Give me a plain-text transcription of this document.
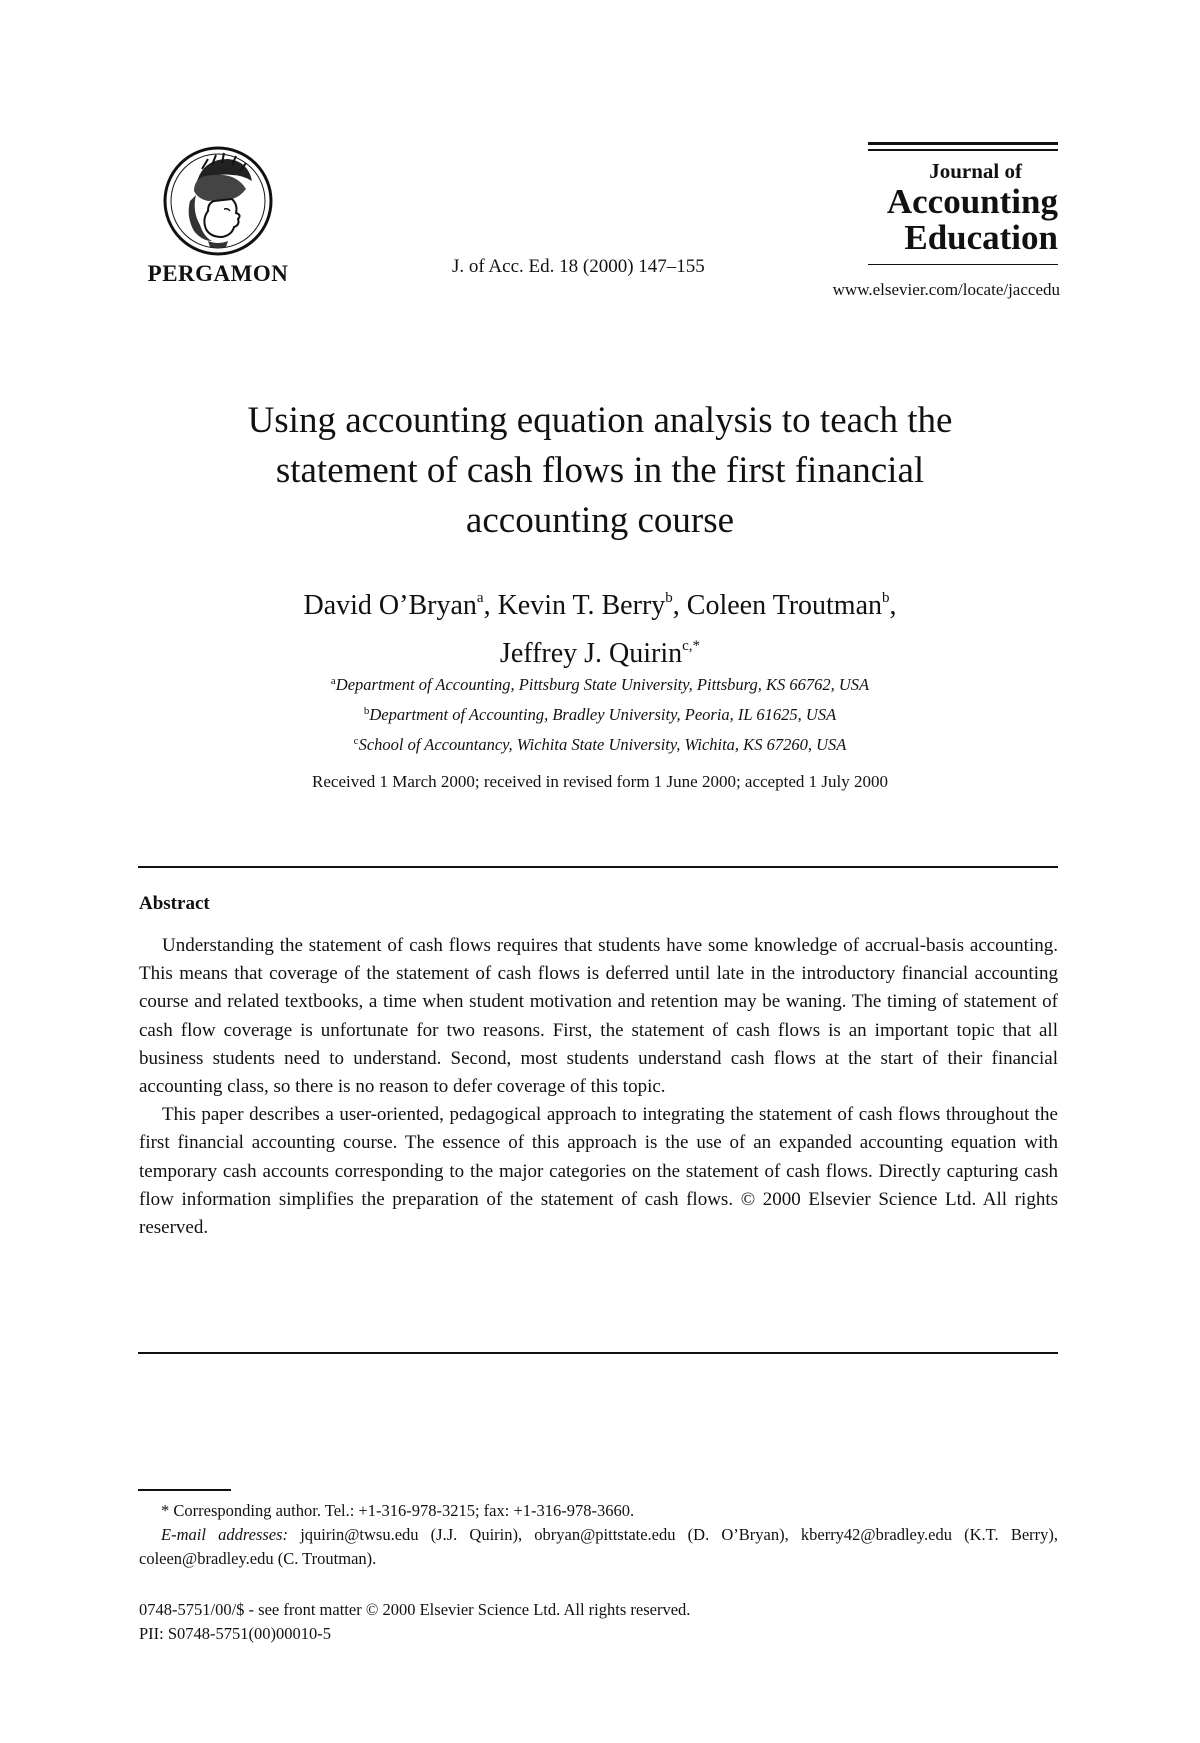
PERGAMON	J. of Acc. Ed. 18 (2000) 147–155
Journal of
Accounting
Education
www.elsevier.com/locate/jaccedu
Using accounting equation analysis to teach the
statement of cash flows in the first financial
accounting course
David O’Bryan$^a$, Kevin T. Berry$^b$, Coleen Troutman$^b$,
Jeffrey J. Quirin$^{c,*}$
$^a$Department of Accounting, Pittsburg State University, Pittsburg, KS 66762, USA
$^b$Department of Accounting, Bradley University, Peoria, IL 61625, USA
$^c$School of Accountancy, Wichita State University, Wichita, KS 67260, USA
Received 1 March 2000; received in revised form 1 June 2000; accepted 1 July 2000
Abstract

Understanding the statement of cash flows requires that students have some knowledge of accrual-basis accounting. This means that coverage of the statement of cash flows is deferred until late in the introductory financial accounting course and related textbooks, a time when student motivation and retention may be waning. The timing of statement of cash flow coverage is unfortunate for two reasons. First, the statement of cash flows is an important topic that all business students need to understand. Second, most students understand cash flows at the start of their financial accounting class, so there is no reason to defer coverage of this topic.

This paper describes a user-oriented, pedagogical approach to integrating the statement of cash flows throughout the first financial accounting course. The essence of this approach is the use of an expanded accounting equation with temporary cash accounts corresponding to the major categories on the statement of cash flows. Directly capturing cash flow information simplifies the preparation of the statement of cash flows. © 2000 Elsevier Science Ltd. All rights reserved.

* Corresponding author. Tel.: +1-316-978-3215; fax: +1-316-978-3660.

E-mail addresses: jquirin@twsu.edu (J.J. Quirin), obryan@pittstate.edu (D. O’Bryan), kberry42@bradley.edu (K.T. Berry), coleen@bradley.edu (C. Troutman).

0748-5751/00/$ - see front matter © 2000 Elsevier Science Ltd. All rights reserved.

PII: S0748-5751(00)00010-5
